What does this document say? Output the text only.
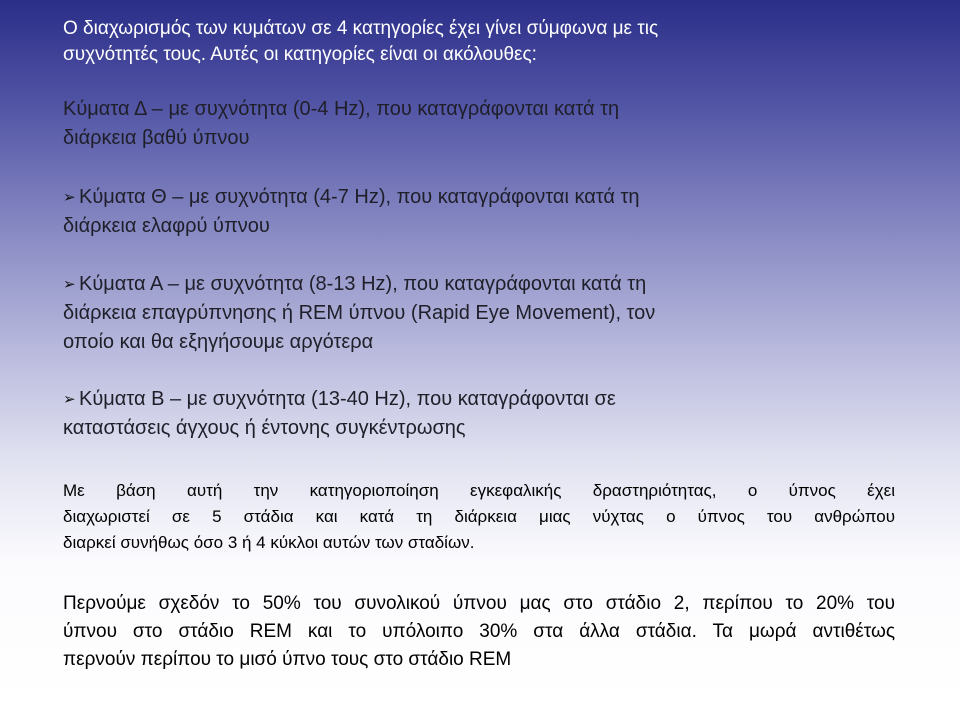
Ο διαχωρισμός των κυμάτων σε 4 κατηγορίες έχει γίνει σύμφωνα με τις
συχνότητές τους. Αυτές οι κατηγορίες είναι οι ακόλουθες:

Κύματα Δ – με συχνότητα (0-4 Hz), που καταγράφονται κατά τη
διάρκεια βαθύ ύπνου

➢ Κύματα Θ – με συχνότητα (4-7 Hz), που καταγράφονται κατά τη
διάρκεια ελαφρύ ύπνου

➢ Κύματα Α – με συχνότητα (8-13 Hz), που καταγράφονται κατά τη
διάρκεια επαγρύπνησης ή REM ύπνου (Rapid Eye Movement), τον
οποίο και θα εξηγήσουμε αργότερα

➢ Κύματα Β – με συχνότητα (13-40 Hz), που καταγράφονται σε
καταστάσεις άγχους ή έντονης συγκέντρωσης

Με βάση αυτή την κατηγοριοποίηση εγκεφαλικής δραστηριότητας, ο ύπνος έχει
διαχωριστεί σε 5 στάδια και κατά τη διάρκεια μιας νύχτας ο ύπνος του ανθρώπου
διαρκεί συνήθως όσο 3 ή 4 κύκλοι αυτών των σταδίων.

Περνούμε σχεδόν το 50% του συνολικού ύπνου μας στο στάδιο 2, περίπου το 20% του
ύπνου στο στάδιο REM και το υπόλοιπο 30% στα άλλα στάδια. Τα μωρά αντιθέτως
περνούν περίπου το μισό ύπνο τους στο στάδιο REM
